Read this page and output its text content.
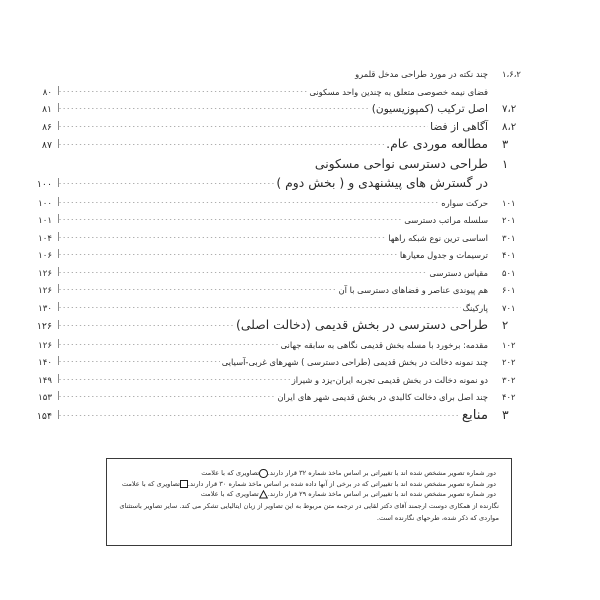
۱،۶،۲
چند نکته در مورد طراحی مدخل قلمرو
فضای نیمه خصوصی متعلق به چندین واحد مسکونی
۸۰
۷،۲
اصل ترکیب (کمپوزیسیون)
۸۱
۸،۲
آگاهی از فضا
۸۶
۳
مطالعه موردی عام.
۸۷
۱
طراحی دسترسی نواحی مسکونی
در گسترش های پیشنهدی و ( بخش دوم )
۱۰۰
۱۰۱
حرکت سواره
۱۰۰
۲۰۱
سلسله مراتب دسترسی
۱۰۱
۳۰۱
اساسی ترین نوع شبکه راهها
۱۰۴
۴۰۱
ترسیمات و جدول معیارها
۱۰۶
۵۰۱
مقیاس دسترسی
۱۲۶
۶۰۱
هم پیوندی عناصر و فضاهای دسترسی با آن
۱۲۶
۷۰۱
پارکینگ
۱۳۰
۲
طراحی دسترسی در بخش قدیمی (دخالت اصلی)
۱۲۶
۱۰۲
مقدمه: برخورد با مسله بخش قدیمی نگاهی به سابقه جهانی
۱۲۶
۲۰۲
چند نمونه دخالت در بخش قدیمی (طراحی دسترسی ) شهرهای غربی-آسیایی
۱۴۰
۳۰۲
دو نمونه دخالت در بخش قدیمی تجربه ایران-یزد و شیراز
۱۴۹
۴۰۲
چند اصل برای دخالت کالبدی در بخش قدیمی شهر های ایران
۱۵۳
۳
منابع
۱۵۴
دور شماره تصویر مشخص شده اند با تغییراتی بر اساس ماخذ شماره ۳۲ قرار دارند.
تصاویری که با علامت
دور شماره تصویر مشخص شده اند با تغییراتی که در برخی از آنها داده شده بر اساس ماخذ شماره ۳۰ قرار دارند.
تصاویری که با علامت
دور شماره تصویر مشخص شده اند با تغییراتی بر اساس ماخذ شماره ۲۹ قرار دارند.
تصاویری که با علامت
نگارنده از همکاری دوست ارجمند آقای دکتر لقایی در ترجمه متن مربوط به این تصاویر از زبان ایتالیایی تشکر می کند. سایر تصاویر باستثنای
مواردی که ذکر شده، طرحهای نگارنده است.
